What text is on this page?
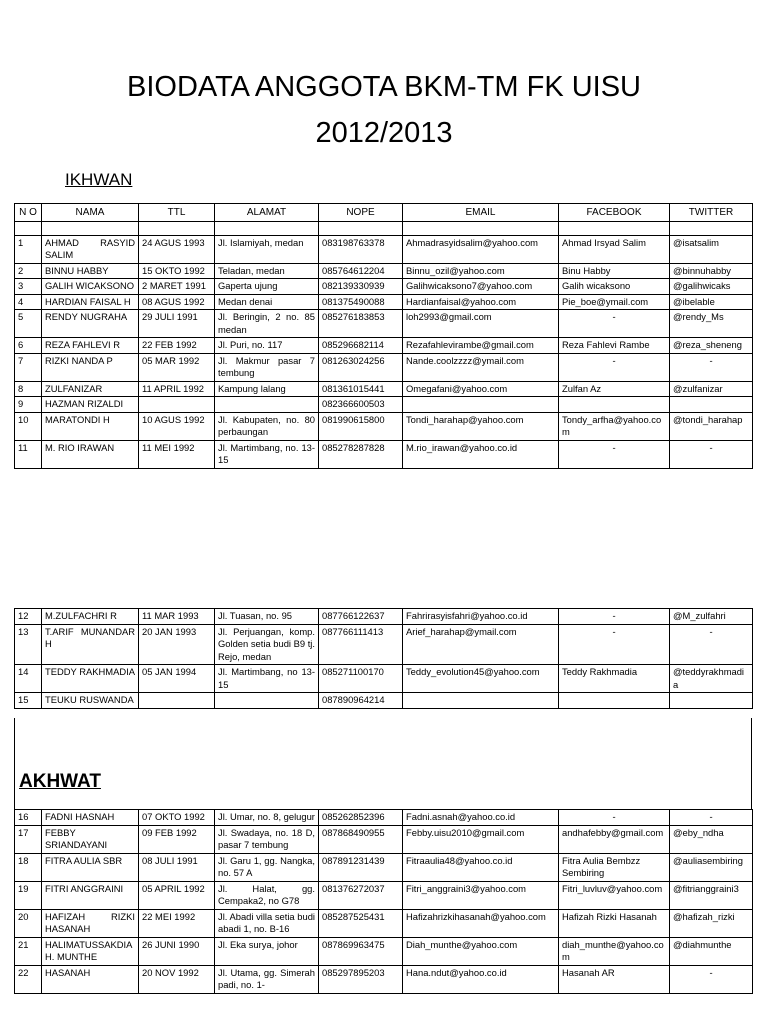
BIODATA ANGGOTA BKM-TM FK UISU
2012/2013
IKHWAN
N O	NAMA	TTL	ALAMAT	NOPE	EMAIL	FACEBOOK	TWITTER

1	AHMAD RASYID SALIM	24 AGUS 1993	Jl. Islamiyah, medan	083198763378	Ahmadrasyidsalim@yahoo.com	Ahmad Irsyad Salim	@isatsalim
2	BINNU HABBY	15 OKTO 1992	Teladan, medan	085764612204	Binnu_ozil@yahoo.com	Binu Habby	@binnuhabby
3	GALIH WICAKSONO	2 MARET 1991	Gaperta ujung	082139330939	Galihwicaksono7@yahoo.com	Galih wicaksono	@galihwicaks
4	HARDIAN FAISAL H	08 AGUS 1992	Medan denai	081375490088	Hardianfaisal@yahoo.com	Pie_boe@ymail.com	@ibelable
5	RENDY NUGRAHA	29 JULI 1991	Jl. Beringin, 2 no. 85 medan	085276183853	loh2993@gmail.com	-	@rendy_Ms
6	REZA FAHLEVI R	22 FEB 1992	Jl. Puri, no. 117	085296682114	Rezafahlevirambe@gmail.com	Reza Fahlevi Rambe	@reza_sheneng
7	RIZKI NANDA P	05 MAR 1992	Jl. Makmur pasar 7 tembung	081263024256	Nande.coolzzzz@ymail.com	-	-
8	ZULFANIZAR	11 APRIL 1992	Kampung lalang	081361015441	Omegafani@yahoo.com	Zulfan Az	@zulfanizar
9	HAZMAN RIZALDI			082366600503			
10	MARATONDI H	10 AGUS 1992	Jl. Kabupaten, no. 80 perbaungan	081990615800	Tondi_harahap@yahoo.com	Tondy_arfha@yahoo.com	@tondi_harahap
11	M. RIO IRAWAN	11 MEI 1992	Jl. Martimbang, no. 13-15	085278287828	M.rio_irawan@yahoo.co.id	-	-
12	M.ZULFACHRI R	11 MAR 1993	Jl. Tuasan, no. 95	087766122637	Fahrirasyisfahri@yahoo.co.id	-	@M_zulfahri
13	T.ARIF MUNANDAR H	20 JAN 1993	Jl. Perjuangan, komp. Golden setia budi B9 tj. Rejo, medan	087766111413	Arief_harahap@ymail.com	-	-
14	TEDDY RAKHMADIA	05 JAN 1994	Jl. Martimbang, no 13-15	085271100170	Teddy_evolution45@yahoo.com	Teddy Rakhmadia	@teddyrakhmadia
15	TEUKU RUSWANDA			087890964214			
AKHWAT
16	FADNI HASNAH	07 OKTO 1992	Jl. Umar, no. 8, gelugur	085262852396	Fadni.asnah@yahoo.co.id	-	-
17	FEBBY SRIANDAYANI	09 FEB 1992	Jl. Swadaya, no. 18 D, pasar 7 tembung	087868490955	Febby.uisu2010@gmail.com	andhafebby@gmail.com	@eby_ndha
18	FITRA AULIA SBR	08 JULI 1991	Jl. Garu 1, gg. Nangka, no. 57 A	087891231439	Fitraaulia48@yahoo.co.id	Fitra Aulia Bembzz Sembiring	@auliasembiring
19	FITRI ANGGRAINI	05 APRIL 1992	Jl. Halat, gg. Cempaka2, no G78	081376272037	Fitri_anggraini3@yahoo.com	Fitri_luvluv@yahoo.com	@fitrianggraini3
20	HAFIZAH RIZKI HASANAH	22 MEI 1992	Jl. Abadi villa setia budi abadi 1, no. B-16	085287525431	Hafizahrizkihasanah@yahoo.com	Hafizah Rizki Hasanah	@hafizah_rizki
21	HALIMATUSSAKDIAH. MUNTHE	26 JUNI 1990	Jl. Eka surya, johor	087869963475	Diah_munthe@yahoo.com	diah_munthe@yahoo.com	@diahmunthe
22	HASANAH	20 NOV 1992	Jl. Utama, gg. Simerah padi, no. 1-	085297895203	Hana.ndut@yahoo.co.id	Hasanah AR	-
